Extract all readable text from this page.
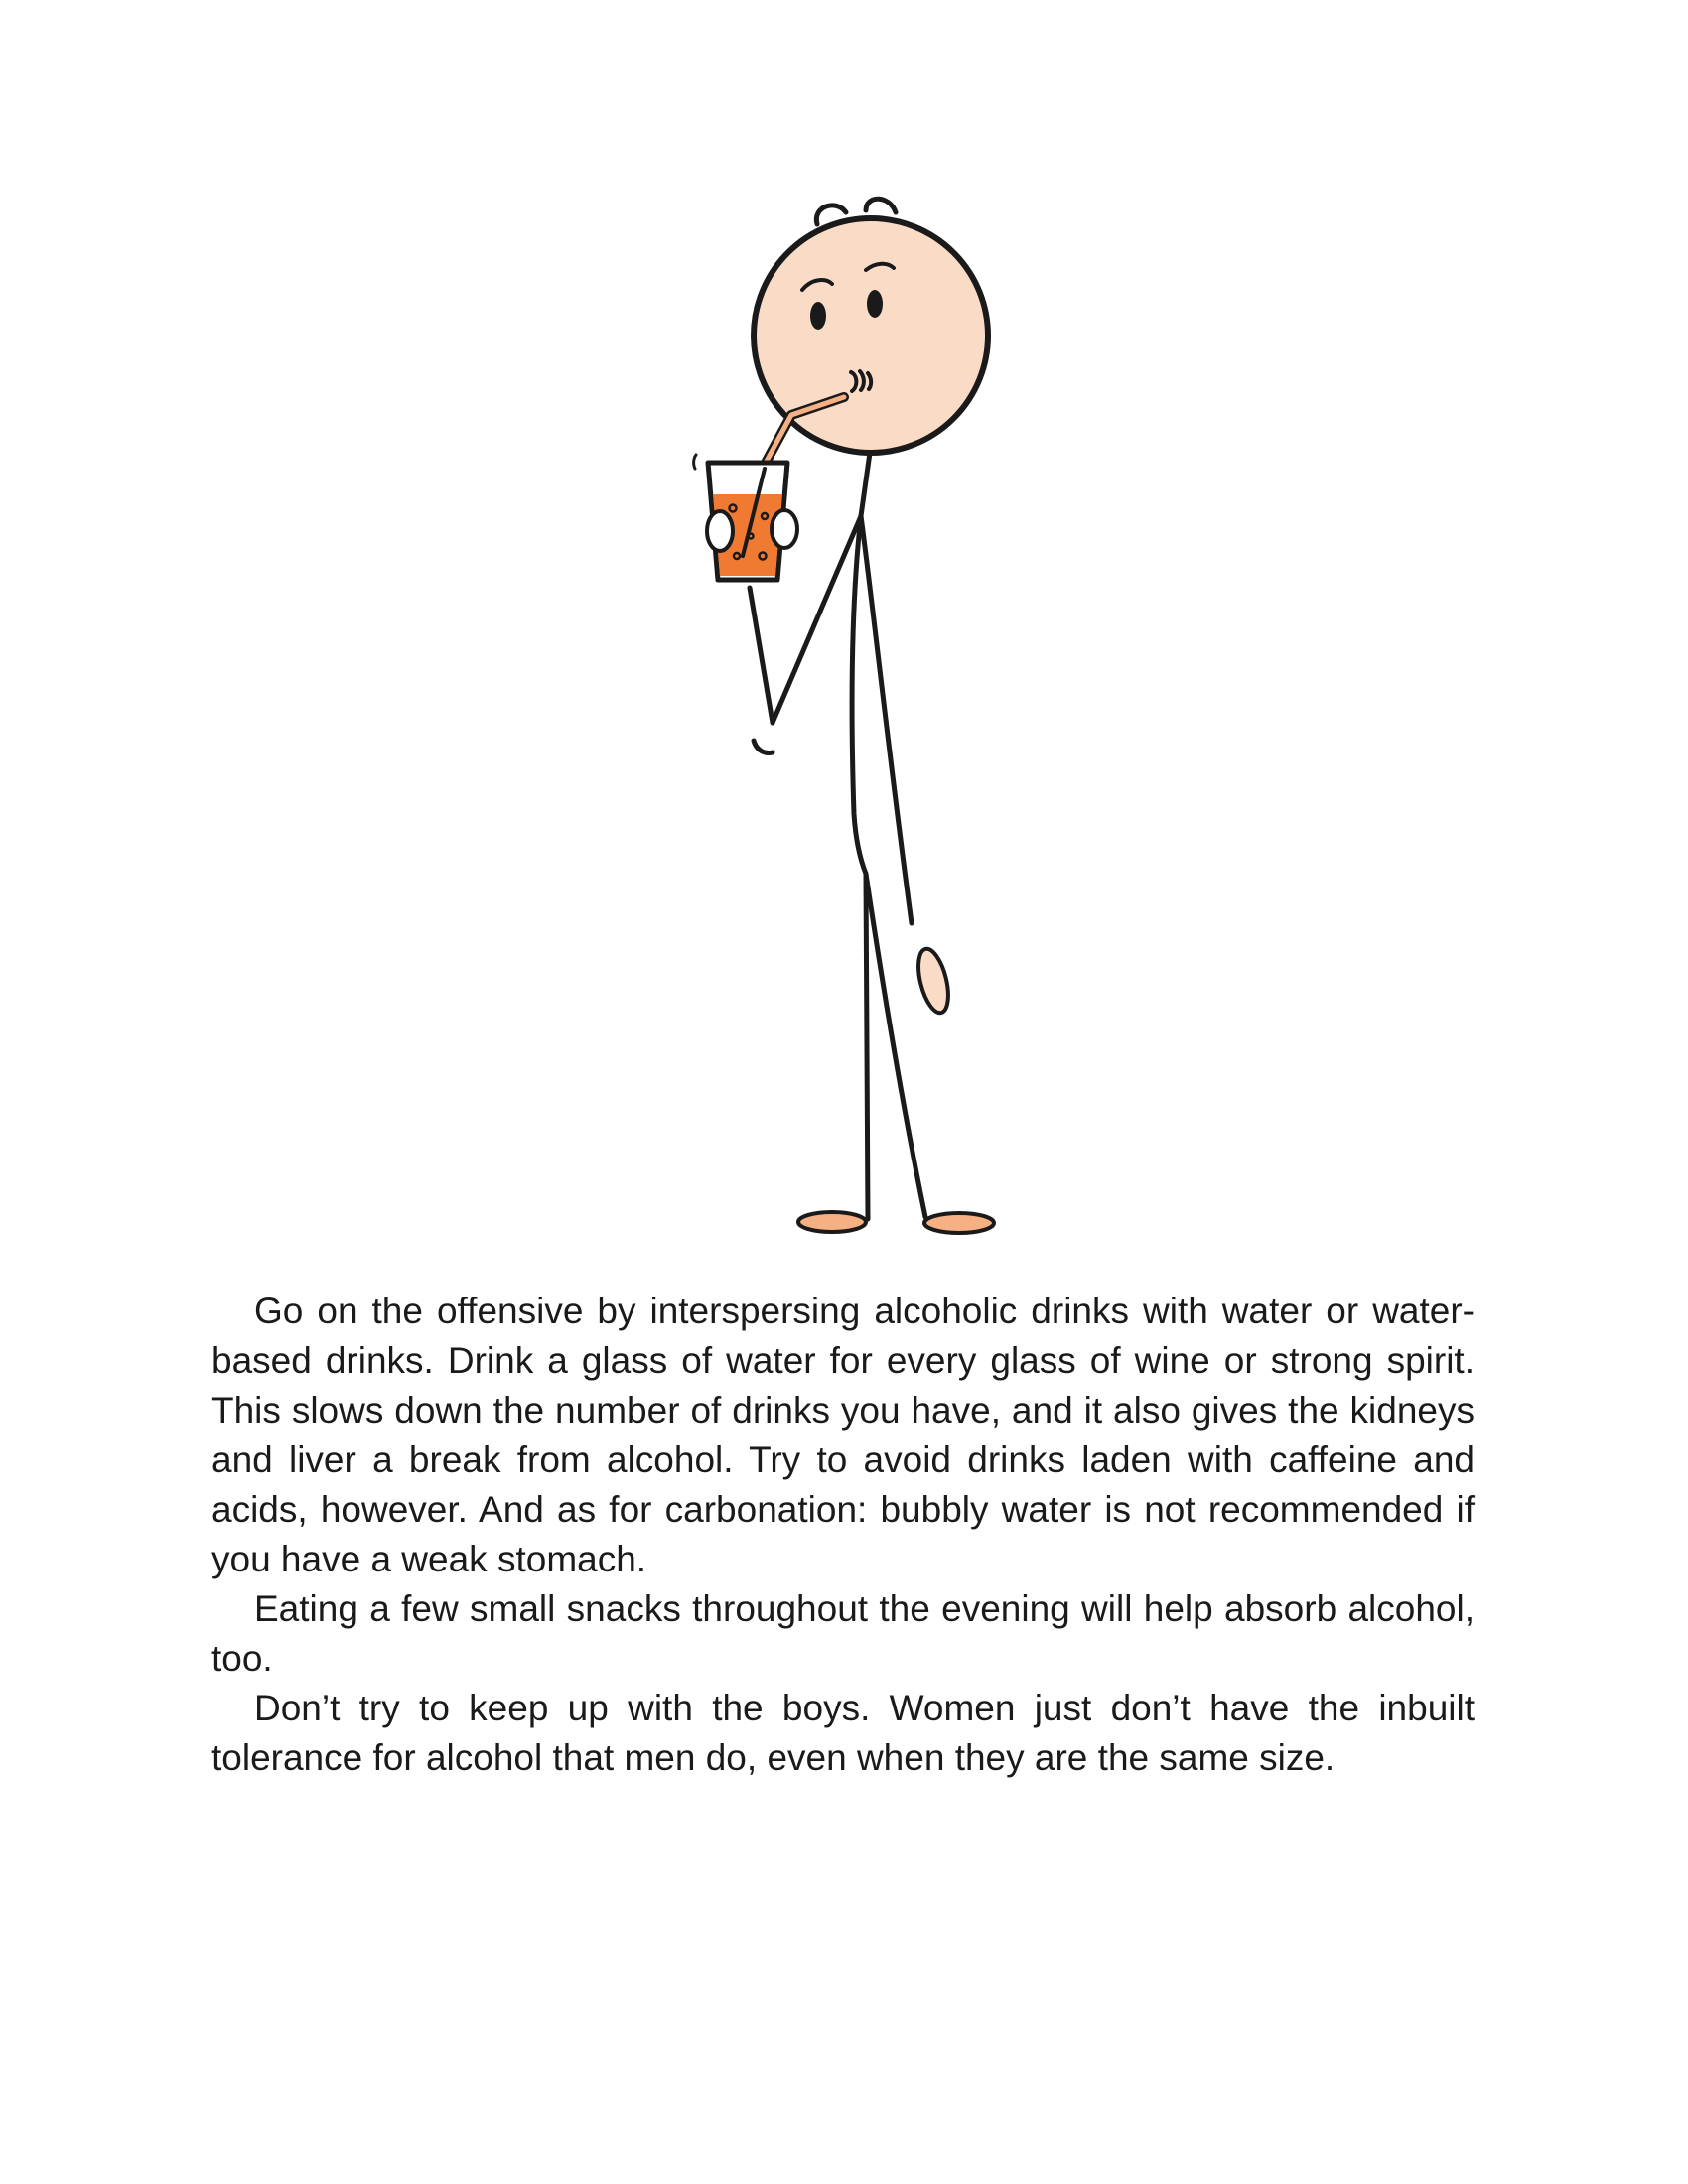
Go on the offensive by interspersing alcoholic drinks with water or water-based drinks. Drink a glass of water for every glass of wine or strong spirit. This slows down the number of drinks you have, and it also gives the kidneys and liver a break from alcohol. Try to avoid drinks laden with caffeine and acids, however. And as for carbonation: bubbly water is not recommended if you have a weak stomach.

Eating a few small snacks throughout the evening will help absorb alcohol, too.

Don’t try to keep up with the boys. Women just don’t have the inbuilt tolerance for alcohol that men do, even when they are the same size.
